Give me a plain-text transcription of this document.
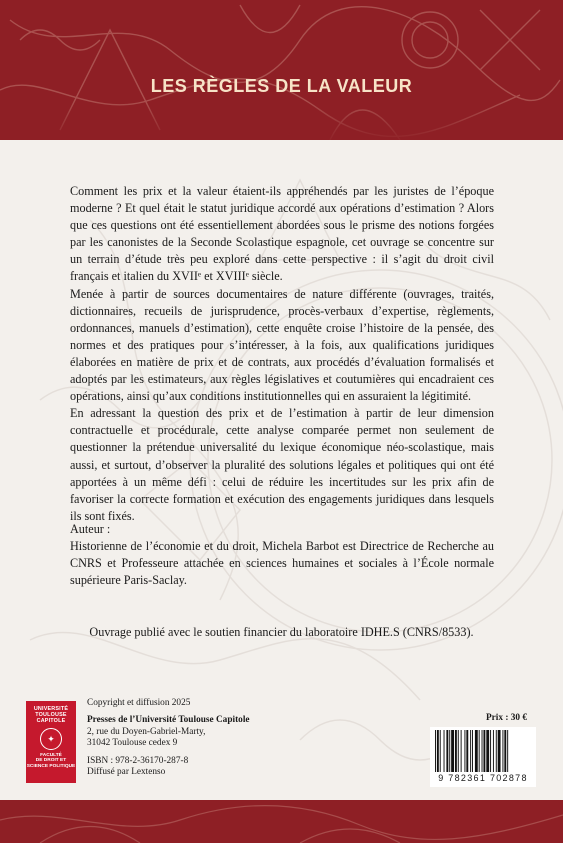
LES RÈGLES DE LA VALEUR

Comment les prix et la valeur étaient-ils appréhendés par les juristes de l’époque moderne ? Et quel était le statut juridique accordé aux opérations d’estimation ? Alors que ces questions ont été essentiellement abordées sous le prisme des notions forgées par les canonistes de la Seconde Scolastique espagnole, cet ouvrage se concentre sur un terrain d’étude très peu exploré dans cette perspective : il s’agit du droit civil français et italien du XVIIᵉ et XVIIIᵉ siècle.

Menée à partir de sources documentaires de nature différente (ouvrages, traités, dictionnaires, recueils de jurisprudence, procès-verbaux d’expertise, règlements, ordonnances, manuels d’estimation), cette enquête croise l’histoire de la pensée, des normes et des pratiques pour s’intéresser, à la fois, aux qualifications juridiques élaborées en matière de prix et de contrats, aux procédés d’évaluation formalisés et adoptés par les estimateurs, aux règles législatives et coutumières qui encadraient ces opérations, ainsi qu’aux conditions institutionnelles qui en assuraient la légitimité.

En adressant la question des prix et de l’estimation à partir de leur dimension contractuelle et procédurale, cette analyse comparée permet non seulement de questionner la prétendue universalité du lexique économique néo-scolastique, mais aussi, et surtout, d’observer la pluralité des solutions légales et politiques qui ont été apportées à un même défi : celui de réduire les incertitudes sur les prix afin de favoriser la correcte formation et exécution des engagements juridiques dans lesquels ils sont fixés.

Auteur :

Historienne de l’économie et du droit, Michela Barbot est Directrice de Recherche au CNRS et Professeure attachée en sciences humaines et sociales à l’École normale supérieure Paris-Saclay.

Ouvrage publié avec le soutien financier du laboratoire IDHE.S (CNRS/8533).
UNIVERSITÉ
TOULOUSE
CAPITOLE
✦
FACULTÉ
DE DROIT ET
SCIENCE POLITIQUE
Copyright et diffusion 2025
Presses de l’Université Toulouse Capitole
2, rue du Doyen-Gabriel-Marty,
31042 Toulouse cedex 9
ISBN : 978-2-36170-287-8
Diffusé par Lextenso
Prix : 30 €
9 782361 702878
